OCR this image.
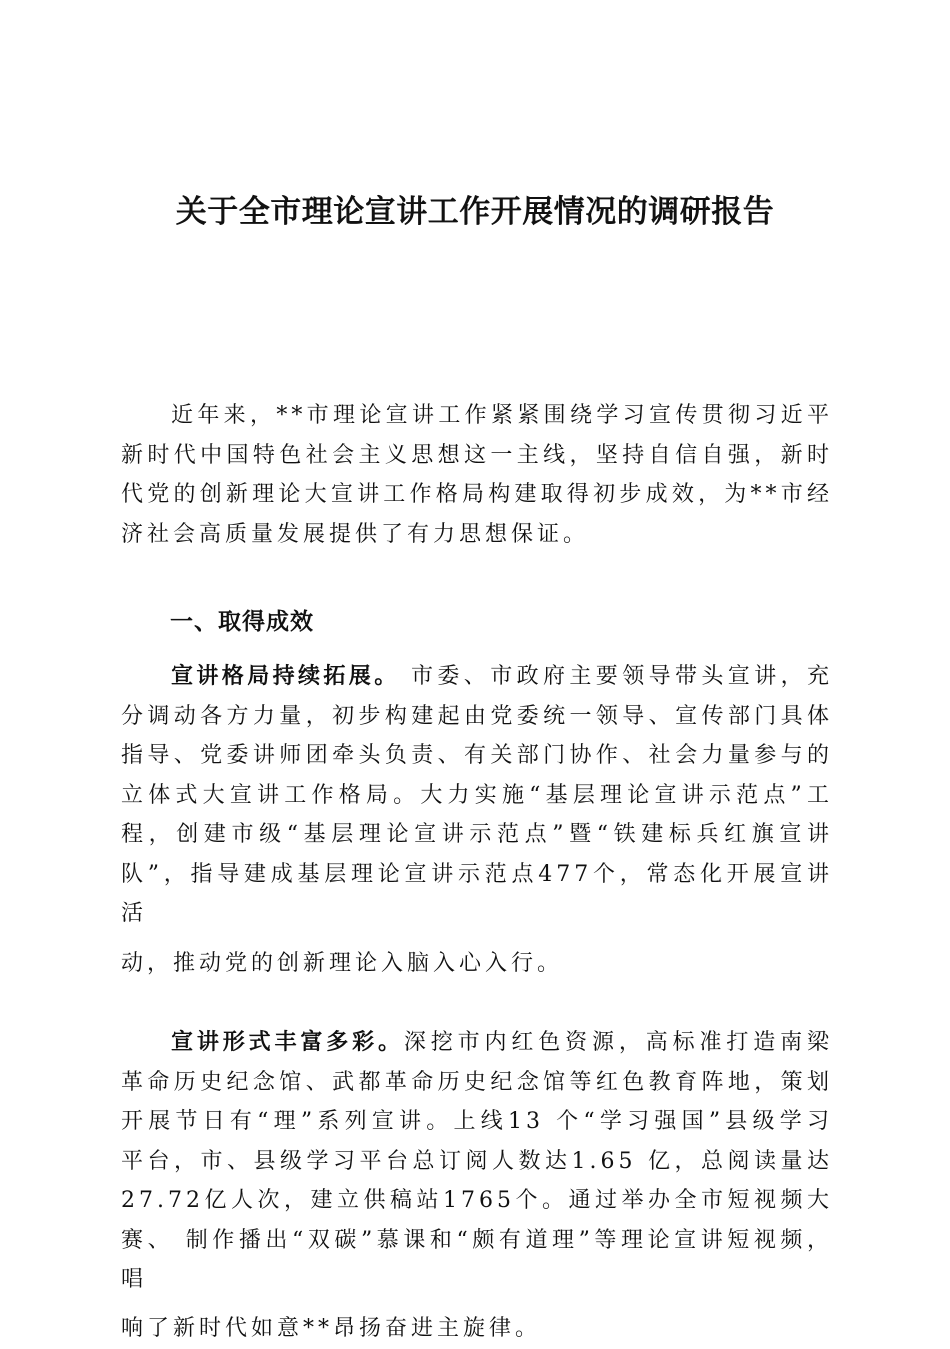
关于全市理论宣讲工作开展情况的调研报告

近年来，**市理论宣讲工作紧紧围绕学习宣传贯彻习近平新时代中国特色社会主义思想这一主线，坚持自信自强，新时代党的创新理论大宣讲工作格局构建取得初步成效，为**市经济社会高质量发展提供了有力思想保证。

一、取得成效

宣讲格局持续拓展。 市委、市政府主要领导带头宣讲，充分调动各方力量，初步构建起由党委统一领导、宣传部门具体指导、党委讲师团牵头负责、有关部门协作、社会力量参与的立体式大宣讲工作格局。大力实施“基层理论宣讲示范点”工程，创建市级“基层理论宣讲示范点”暨“铁建标兵红旗宣讲队”，指导建成基层理论宣讲示范点477个，常态化开展宣讲活

动，推动党的创新理论入脑入心入行。

宣讲形式丰富多彩。深挖市内红色资源，高标准打造南梁革命历史纪念馆、武都革命历史纪念馆等红色教育阵地，策划开展节日有“理”系列宣讲。上线13 个“学习强国”县级学习 平台，市、县级学习平台总订阅人数达1.65 亿，总阅读量达 27.72亿人次，建立供稿站1765个。通过举办全市短视频大赛、 制作播出“双碳”慕课和“颇有道理”等理论宣讲短视频，唱

响了新时代如意**昂扬奋进主旋律。
